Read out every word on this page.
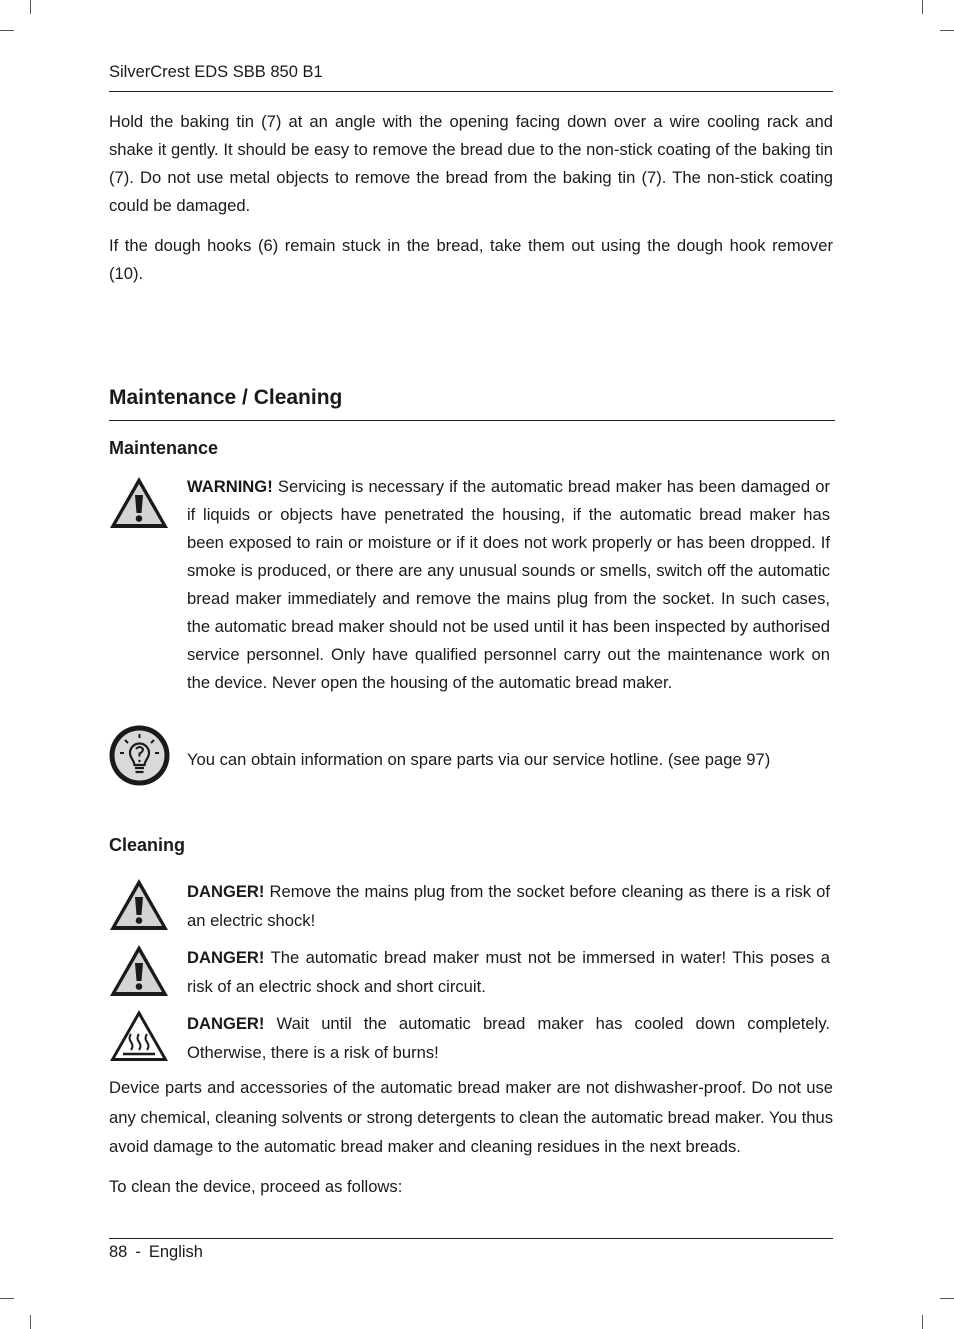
SilverCrest EDS SBB 850 B1

Hold the baking tin (7) at an angle with the opening facing down over a wire cooling rack and shake it gently. It should be easy to remove the bread due to the non-stick coating of the baking tin (7). Do not use metal objects to remove the bread from the baking tin (7). The non-stick coating could be damaged.

If the dough hooks (6) remain stuck in the bread, take them out using the dough hook remover (10).

Maintenance / Cleaning
Maintenance

WARNING! Servicing is necessary if the automatic bread maker has been damaged or if liquids or objects have penetrated the housing, if the automatic bread maker has been exposed to rain or moisture or if it does not work properly or has been dropped. If smoke is produced, or there are any unusual sounds or smells, switch off the automatic bread maker immediately and remove the mains plug from the socket. In such cases, the automatic bread maker should not be used until it has been inspected by authorised service personnel. Only have qualified personnel carry out the maintenance work on the device. Never open the housing of the automatic bread maker.

You can obtain information on spare parts via our service hotline. (see page 97)

Cleaning

DANGER! Remove the mains plug from the socket before cleaning as there is a risk of an electric shock!

DANGER! The automatic bread maker must not be immersed in water! This poses a risk of an electric shock and short circuit.

DANGER! Wait until the automatic bread maker has cooled down completely. Otherwise, there is a risk of burns!

Device parts and accessories of the automatic bread maker are not dishwasher-proof. Do not use any chemical, cleaning solvents or strong detergents to clean the automatic bread maker. You thus avoid damage to the automatic bread maker and cleaning residues in the next breads.

To clean the device, proceed as follows:

88 - English
